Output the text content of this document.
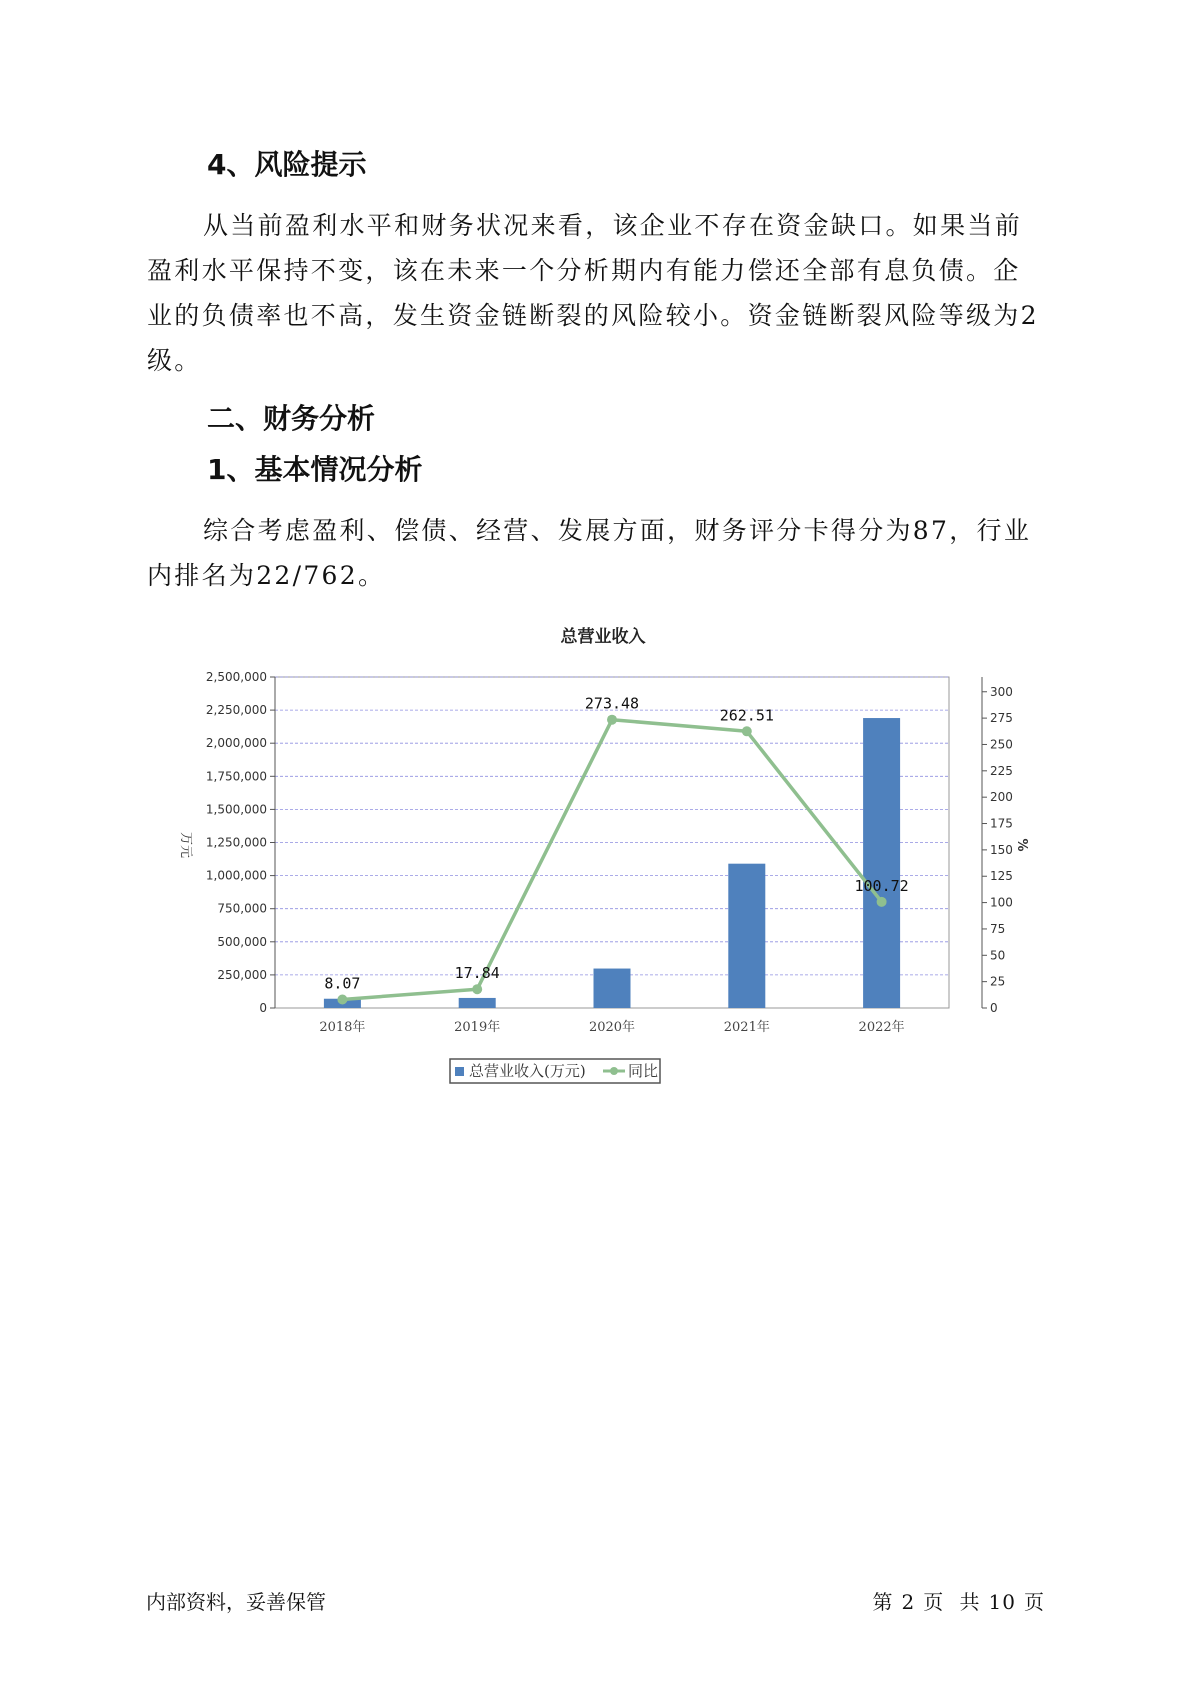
4、风险提示
从当前盈利水平和财务状况来看，该企业不存在资金缺口。如果当前
盈利水平保持不变，该在未来一个分析期内有能力偿还全部有息负债。企
业的负债率也不高，发生资金链断裂的风险较小。资金链断裂风险等级为2
级。
二、财务分析
1、基本情况分析
综合考虑盈利、偿债、经营、发展方面，财务评分卡得分为87，行业
内排名为22/762。
总营业收入
8.07
17.84
273.48
262.51
100.72
0
250,000
500,000
750,000
1,000,000
1,250,000
1,500,000
1,750,000
2,000,000
2,250,000
2,500,000
0
25
50
75
100
125
150
175
200
225
250
275
300
2018年	2019年	2020年	2021年	2022年
万元	%
总营业收入(万元)	同比
内部资料，妥善保管	第 2 页 共 10 页
